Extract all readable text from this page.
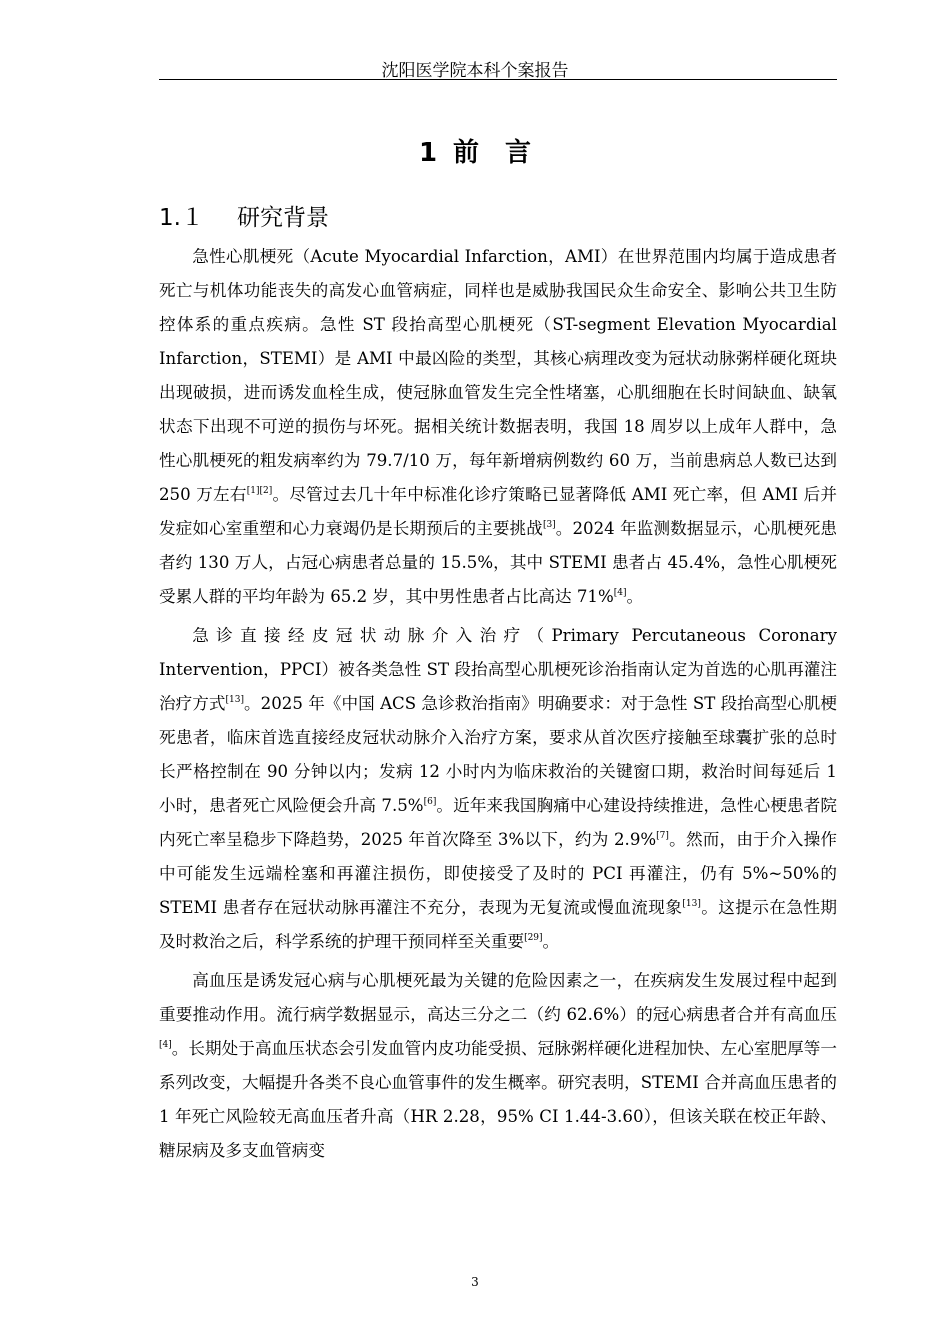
沈阳医学院本科个案报告
1 前　言
1.１ 研究背景

急性心肌梗死（Acute Myocardial Infarction，AMI）在世界范围内均属于造成患者死亡与机体功能丧失的高发心血管病症，同样也是威胁我国民众生命安全、影响公共卫生防控体系的重点疾病。急性 ST 段抬高型心肌梗死（ST-segment Elevation Myocardial Infarction，STEMI）是 AMI 中最凶险的类型，其核心病理改变为冠状动脉粥样硬化斑块出现破损，进而诱发血栓生成，使冠脉血管发生完全性堵塞，心肌细胞在长时间缺血、缺氧状态下出现不可逆的损伤与坏死。据相关统计数据表明，我国 18 周岁以上成年人群中，急性心肌梗死的粗发病率约为 79.7/10 万，每年新增病例数约 60 万，当前患病总人数已达到 250 万左右[1][2]。尽管过去几十年中标准化诊疗策略已显著降低 AMI 死亡率，但 AMI 后并发症如心室重塑和心力衰竭仍是长期预后的主要挑战[3]。2024 年监测数据显示，心肌梗死患者约 130 万人，占冠心病患者总量的 15.5%，其中 STEMI 患者占 45.4%，急性心肌梗死受累人群的平均年龄为 65.2 岁，其中男性患者占比高达 71%[4]。

急诊直接经皮冠状动脉介入治疗（Primary Percutaneous Coronary Intervention，PPCI）被各类急性 ST 段抬高型心肌梗死诊治指南认定为首选的心肌再灌注治疗方式[13]。2025 年《中国 ACS 急诊救治指南》明确要求：对于急性 ST 段抬高型心肌梗死患者，临床首选直接经皮冠状动脉介入治疗方案，要求从首次医疗接触至球囊扩张的总时长严格控制在 90 分钟以内；发病 12 小时内为临床救治的关键窗口期，救治时间每延后 1 小时，患者死亡风险便会升高 7.5%[6]。近年来我国胸痛中心建设持续推进，急性心梗患者院内死亡率呈稳步下降趋势，2025 年首次降至 3%以下，约为 2.9%[7]。然而，由于介入操作中可能发生远端栓塞和再灌注损伤，即使接受了及时的 PCI 再灌注，仍有 5%~50%的 STEMI 患者存在冠状动脉再灌注不充分，表现为无复流或慢血流现象[13]。这提示在急性期及时救治之后，科学系统的护理干预同样至关重要[29]。

高血压是诱发冠心病与心肌梗死最为关键的危险因素之一，在疾病发生发展过程中起到重要推动作用。流行病学数据显示，高达三分之二（约 62.6%）的冠心病患者合并有高血压[4]。长期处于高血压状态会引发血管内皮功能受损、冠脉粥样硬化进程加快、左心室肥厚等一系列改变，大幅提升各类不良心血管事件的发生概率。研究表明，STEMI 合并高血压患者的 1 年死亡风险较无高血压者升高（HR 2.28，95% CI 1.44-3.60），但该关联在校正年龄、糖尿病及多支血管病变

3
